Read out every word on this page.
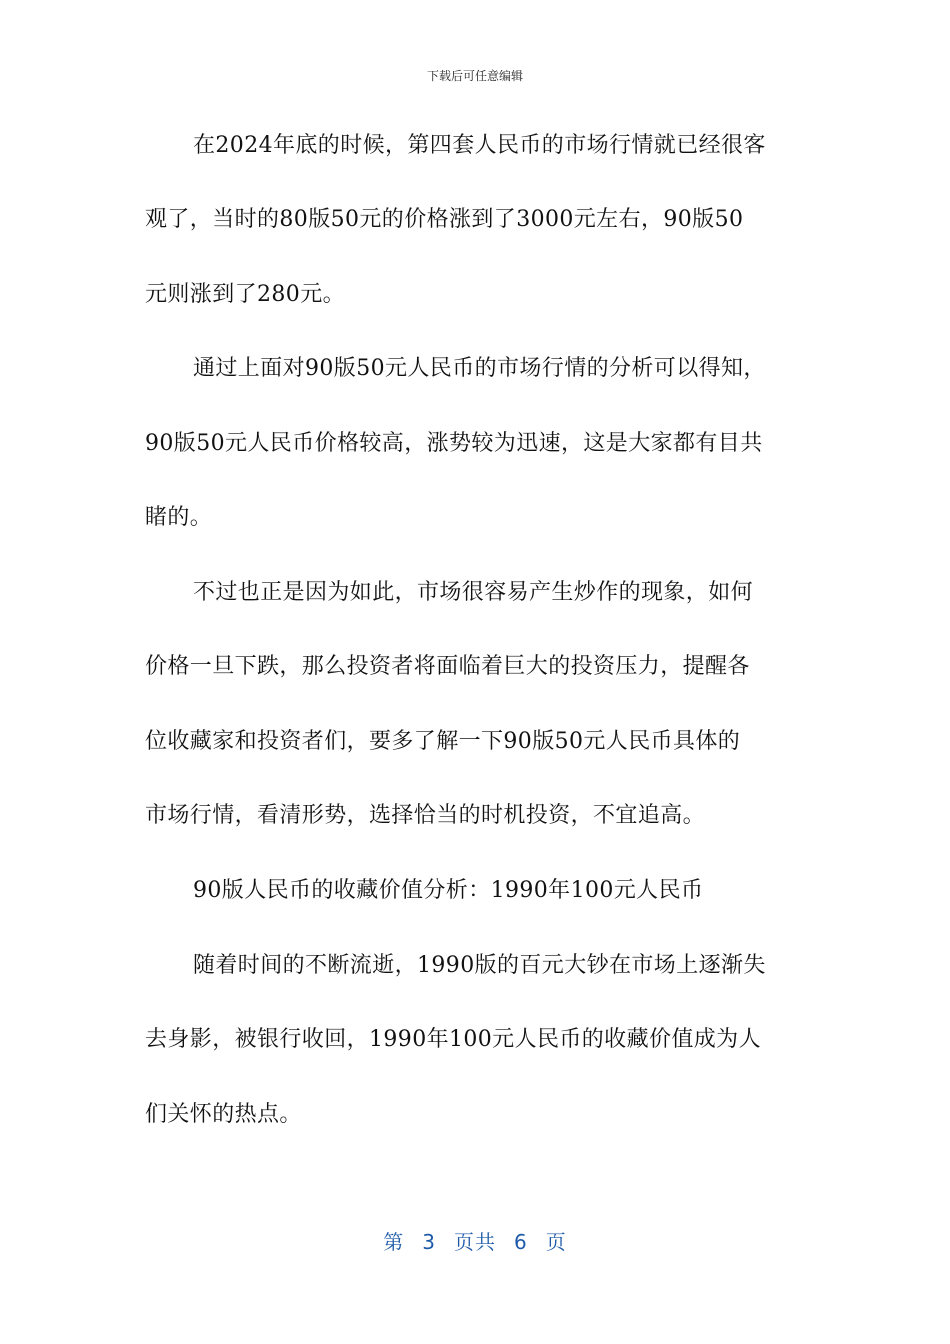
下载后可任意编辑
在2024年底的时候，第四套人民币的市场行情就已经很客
观了，当时的80版50元的价格涨到了3000元左右，90版50
元则涨到了280元。
通过上面对90版50元人民币的市场行情的分析可以得知，
90版50元人民币价格较高，涨势较为迅速，这是大家都有目共
睹的。
不过也正是因为如此，市场很容易产生炒作的现象，如何
价格一旦下跌，那么投资者将面临着巨大的投资压力，提醒各
位收藏家和投资者们，要多了解一下90版50元人民币具体的
市场行情，看清形势，选择恰当的时机投资，不宜追高。
90版人民币的收藏价值分析：1990年100元人民币
随着时间的不断流逝，1990版的百元大钞在市场上逐渐失
去身影，被银行收回，1990年100元人民币的收藏价值成为人
们关怀的热点。
第 3 页共 6 页
